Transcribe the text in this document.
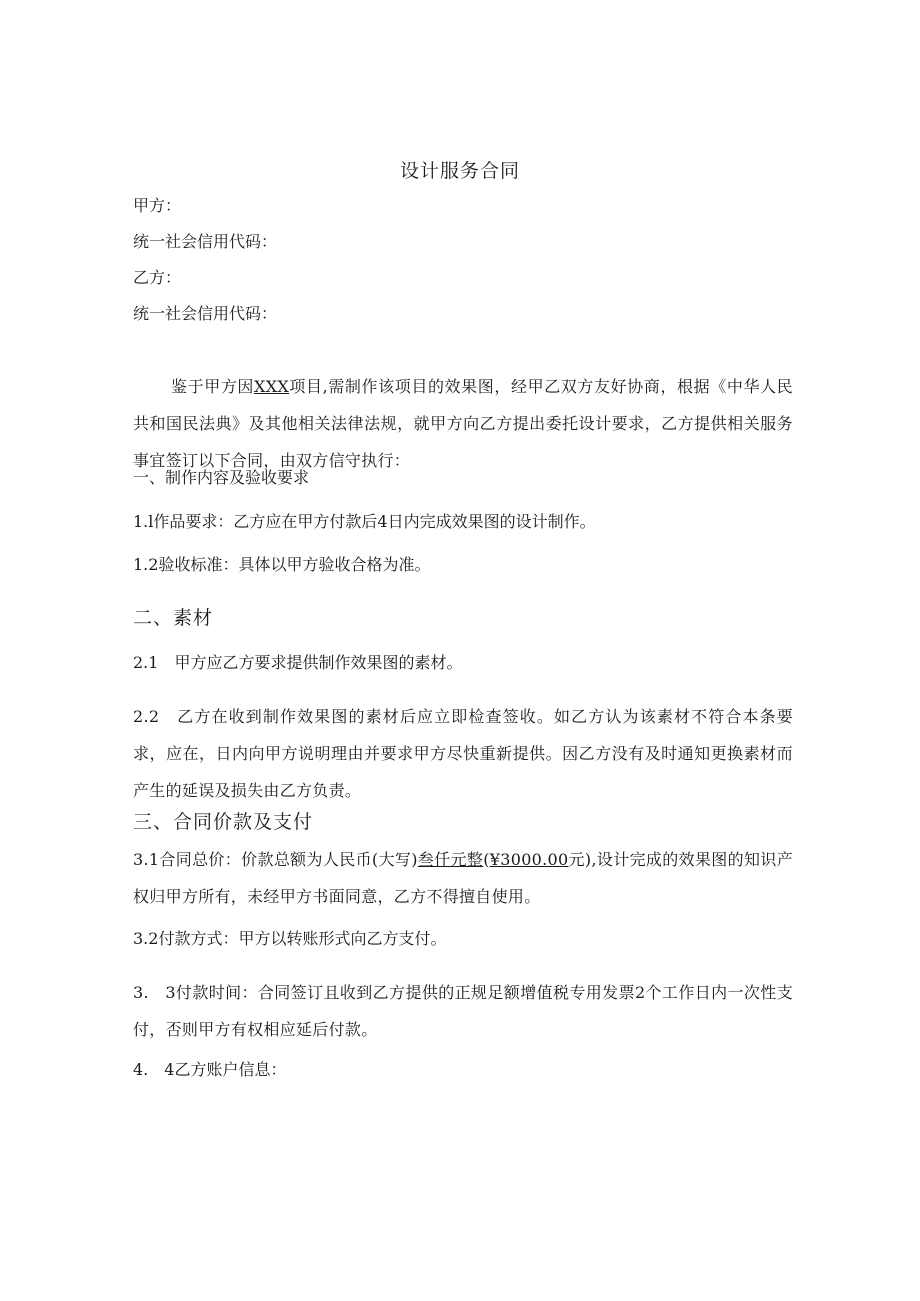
设计服务合同
甲方：
统一社会信用代码：
乙方：
统一社会信用代码：
鉴于甲方因XXX项目,需制作该项目的效果图，经甲乙双方友好协商，根据《中华人民共和国民法典》及其他相关法律法规，就甲方向乙方提出委托设计要求，乙方提供相关服务事宜签订以下合同，由双方信守执行：
一、制作内容及验收要求
1.l作品要求：乙方应在甲方付款后4日内完成效果图的设计制作。
1.2验收标准：具体以甲方验收合格为准。
二、素材
2.1　甲方应乙方要求提供制作效果图的素材。
2.2　乙方在收到制作效果图的素材后应立即检查签收。如乙方认为该素材不符合本条要求，应在，日内向甲方说明理由并要求甲方尽快重新提供。因乙方没有及时通知更换素材而产生的延误及损失由乙方负责。
三、合同价款及支付
3.1合同总价：价款总额为人民币(大写)叁仟元整(¥3000.00元),设计完成的效果图的知识产权归甲方所有，未经甲方书面同意，乙方不得擅自使用。
3.2付款方式：甲方以转账形式向乙方支付。
3.　3付款时间：合同签订且收到乙方提供的正规足额增值税专用发票2个工作日内一次性支付，否则甲方有权相应延后付款。
4.　4乙方账户信息：
